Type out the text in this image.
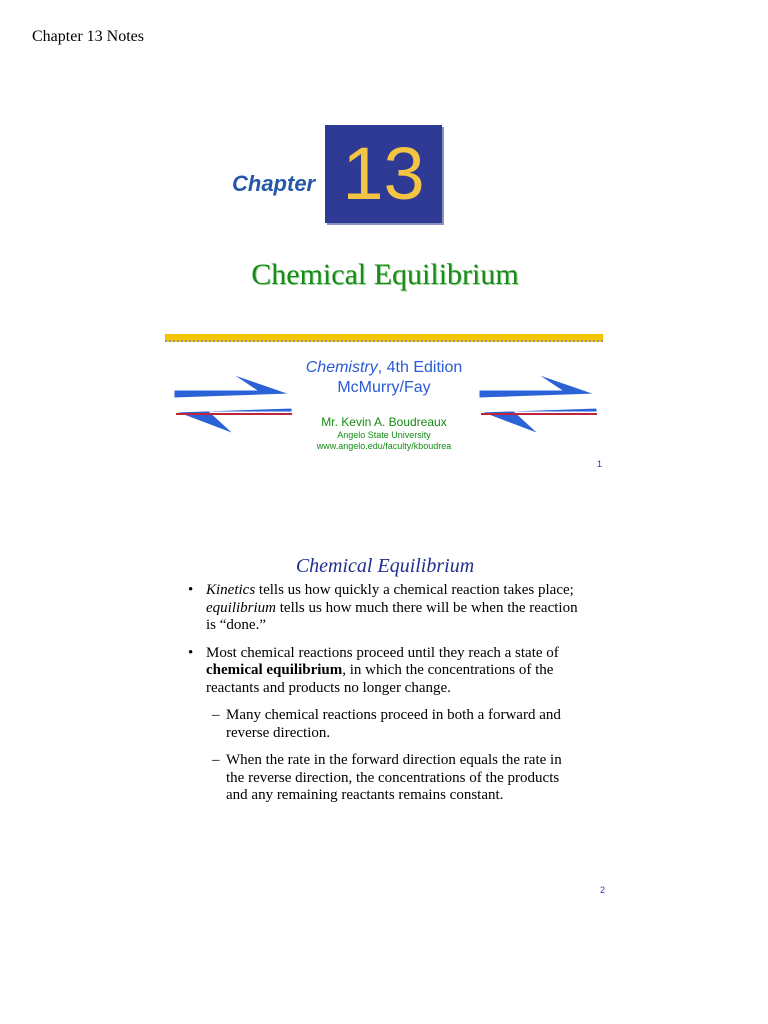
Chapter 13 Notes
Chapter 13
Chemical Equilibrium
Chemistry, 4th Edition
McMurry/Fay
Mr. Kevin A. Boudreaux
Angelo State University
www.angelo.edu/faculty/kboudrea
1
Chemical Equilibrium
• Kinetics tells us how quickly a chemical reaction takes place; equilibrium tells us how much there will be when the reaction is “done.”
• Most chemical reactions proceed until they reach a state of chemical equilibrium, in which the concentrations of the reactants and products no longer change.
– Many chemical reactions proceed in both a forward and reverse direction.
– When the rate in the forward direction equals the rate in the reverse direction, the concentrations of the products and any remaining reactants remains constant.
2
